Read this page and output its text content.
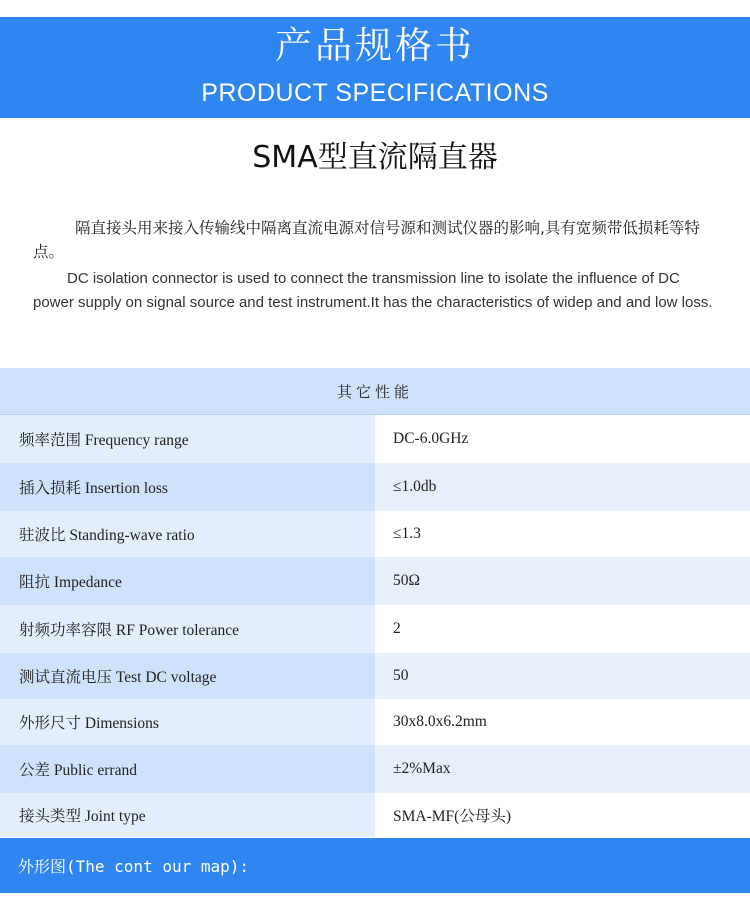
产品规格书
PRODUCT SPECIFICATIONS
SMA型直流隔直器
隔直接头用来接入传输线中隔离直流电源对信号源和测试仪器的影响,具有宽频带低损耗等特点。
DC isolation connector is used to connect the transmission line to isolate the influence of DC power supply on signal source and test instrument.It has the characteristics of widep and and low loss.
其它性能
频率范围 Frequency range	DC-6.0GHz
插入损耗 Insertion loss	≤1.0db
驻波比 Standing-wave ratio	≤1.3
阻抗 Impedance	50Ω
射频功率容限 RF Power tolerance	2
测试直流电压 Test DC voltage	50
外形尺寸 Dimensions	30x8.0x6.2mm
公差 Public errand	±2%Max
接头类型 Joint type	SMA-MF(公母头)
外形图(The cont our map):
